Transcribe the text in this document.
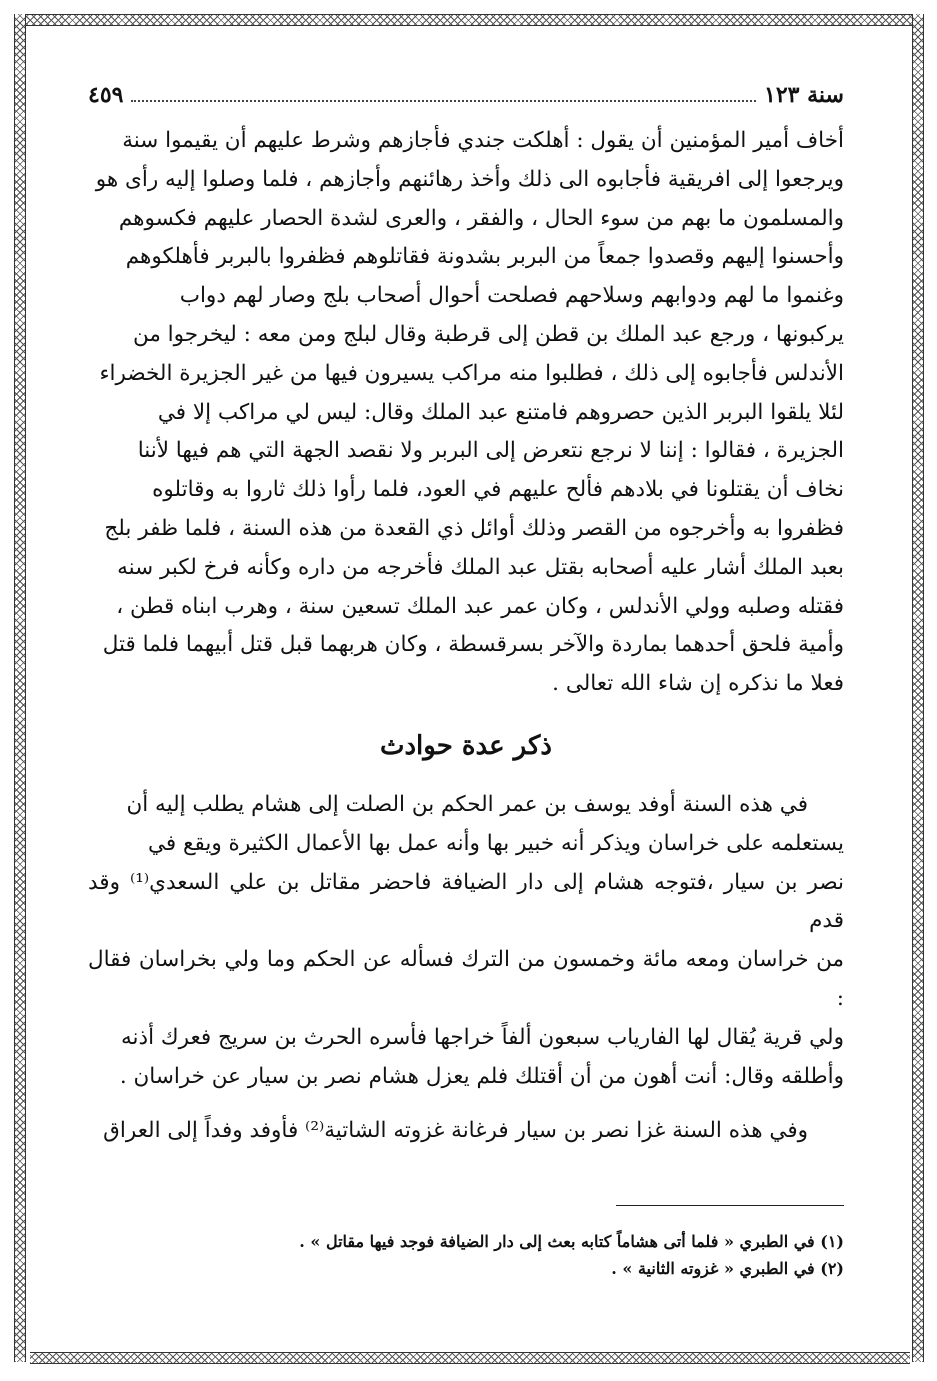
سنة ١٢٣
٤٥٩

أخاف أمير المؤمنين أن يقول : أهلكت جندي فأجازهم وشرط عليهم أن يقيموا سنة

ويرجعوا إلى افريقية فأجابوه الى ذلك وأخذ رهائنهم وأجازهم ، فلما وصلوا إليه رأى هو

والمسلمون ما بهم من سوء الحال ، والفقر ، والعرى لشدة الحصار عليهم فكسوهم

وأحسنوا إليهم وقصدوا جمعاً من البربر بشدونة فقاتلوهم فظفروا بالبربر فأهلكوهم

وغنموا ما لهم ودوابهم وسلاحهم فصلحت أحوال أصحاب بلج وصار لهم دواب

يركبونها ، ورجع عبد الملك بن قطن إلى قرطبة وقال لبلج ومن معه : ليخرجوا من

الأندلس فأجابوه إلى ذلك ، فطلبوا منه مراكب يسيرون فيها من غير الجزيرة الخضراء

لئلا يلقوا البربر الذين حصروهم فامتنع عبد الملك وقال: ليس لي مراكب إلا في

الجزيرة ، فقالوا : إننا لا نرجع نتعرض إلى البربر ولا نقصد الجهة التي هم فيها لأننا

نخاف أن يقتلونا في بلادهم فألح عليهم في العود، فلما رأوا ذلك ثاروا به وقاتلوه

فظفروا به وأخرجوه من القصر وذلك أوائل ذي القعدة من هذه السنة ، فلما ظفر بلج

بعبد الملك أشار عليه أصحابه بقتل عبد الملك فأخرجه من داره وكأنه فرخ لكبر سنه

فقتله وصلبه وولي الأندلس ، وكان عمر عبد الملك تسعين سنة ، وهرب ابناه قطن ،

وأمية فلحق أحدهما بماردة والآخر بسرقسطة ، وكان هربهما قبل قتل أبيهما فلما قتل

فعلا ما نذكره إن شاء الله تعالى .

ذكر عدة حوادث

في هذه السنة أوفد يوسف بن عمر الحكم بن الصلت إلى هشام يطلب إليه أن

يستعلمه على خراسان ويذكر أنه خبير بها وأنه عمل بها الأعمال الكثيرة ويقع في

نصر بن سيار ،فتوجه هشام إلى دار الضيافة فاحضر مقاتل بن علي السعدي⁽¹⁾ وقد قدم

من خراسان ومعه مائة وخمسون من الترك فسأله عن الحكم وما ولي بخراسان فقال :

ولي قرية يُقال لها الفارياب سبعون ألفاً خراجها فأسره الحرث بن سريج فعرك أذنه

وأطلقه وقال: أنت أهون من أن أقتلك فلم يعزل هشام نصر بن سيار عن خراسان .

وفي هذه السنة غزا نصر بن سيار فرغانة غزوته الشاتية⁽²⁾ فأوفد وفداً إلى العراق

(١) في الطبري « فلما أتى هشاماً كتابه بعث إلى دار الضيافة فوجد فيها مقاتل » .

(٢) في الطبري « غزوته الثانية » .
